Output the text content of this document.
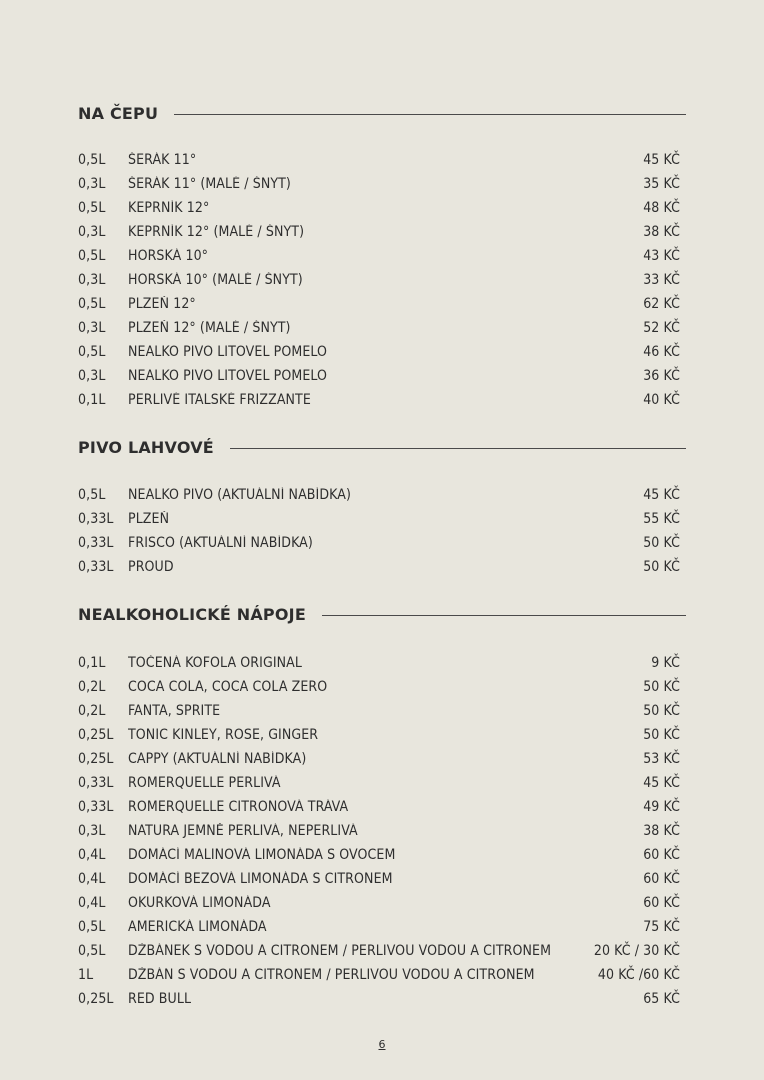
NA ČEPU
0,5L	ŠERÁK 11°	45 KČ
0,3L	ŠERÁK 11° (MALÉ / ŠNYT)	35 KČ
0,5L	KEPRNÍK 12°	48 KČ
0,3L	KEPRNÍK 12° (MALÉ / ŠNYT)	38 KČ
0,5L	HORSKÁ 10°	43 KČ
0,3L	HORSKÁ 10° (MALÉ / ŠNYT)	33 KČ
0,5L	PLZEŇ 12°	62 KČ
0,3L	PLZEŇ 12° (MALÉ / ŠNYT)	52 KČ
0,5L	NEALKO PIVO LITOVEL POMELO	46 KČ
0,3L	NEALKO PIVO LITOVEL POMELO	36 KČ
0,1L	PERLIVÉ ITALSKÉ FRIZZANTE	40 KČ
PIVO LAHVOVÉ
0,5L	NEALKO PIVO (AKTUÁLNÍ NABÍDKA)	45 KČ
0,33L	PLZEŇ	55 KČ
0,33L	FRISCO (AKTUÁLNÍ NABÍDKA)	50 KČ
0,33L	PROUD	50 KČ
NEALKOHOLICKÉ NÁPOJE
0,1L	TOČENÁ KOFOLA ORIGINAL	9 KČ
0,2L	COCA COLA, COCA COLA ZERO	50 KČ
0,2L	FANTA, SPRITE	50 KČ
0,25L	TONIC KINLEY, ROSE, GINGER	50 KČ
0,25L	CAPPY (AKTUÁLNÍ NABÍDKA)	53 KČ
0,33L	RÖMERQUELLE PERLIVÁ	45 KČ
0,33L	RÖMERQUELLE CITRONOVÁ TRÁVA	49 KČ
0,3L	NATURA JEMNĚ PERLIVÁ, NEPERLIVÁ	38 KČ
0,4L	DOMÁCÍ MALINOVÁ LIMONÁDA S OVOCEM	60 KČ
0,4L	DOMÁCÍ BEZOVÁ LIMONÁDA S CITRONEM	60 KČ
0,4L	OKURKOVÁ LIMONÁDA	60 KČ
0,5L	AMERICKÁ LIMONÁDA	75 KČ
0,5L	DŽBÁNEK S VODOU A CITRONEM / PERLIVOU VODOU A CITRONEM	20 KČ / 30 KČ
1L	DŽBÁN S VODOU A CITRONEM / PERLIVOU VODOU A CITRONEM	40 KČ /60 KČ
0,25L	RED BULL	65 KČ
6
